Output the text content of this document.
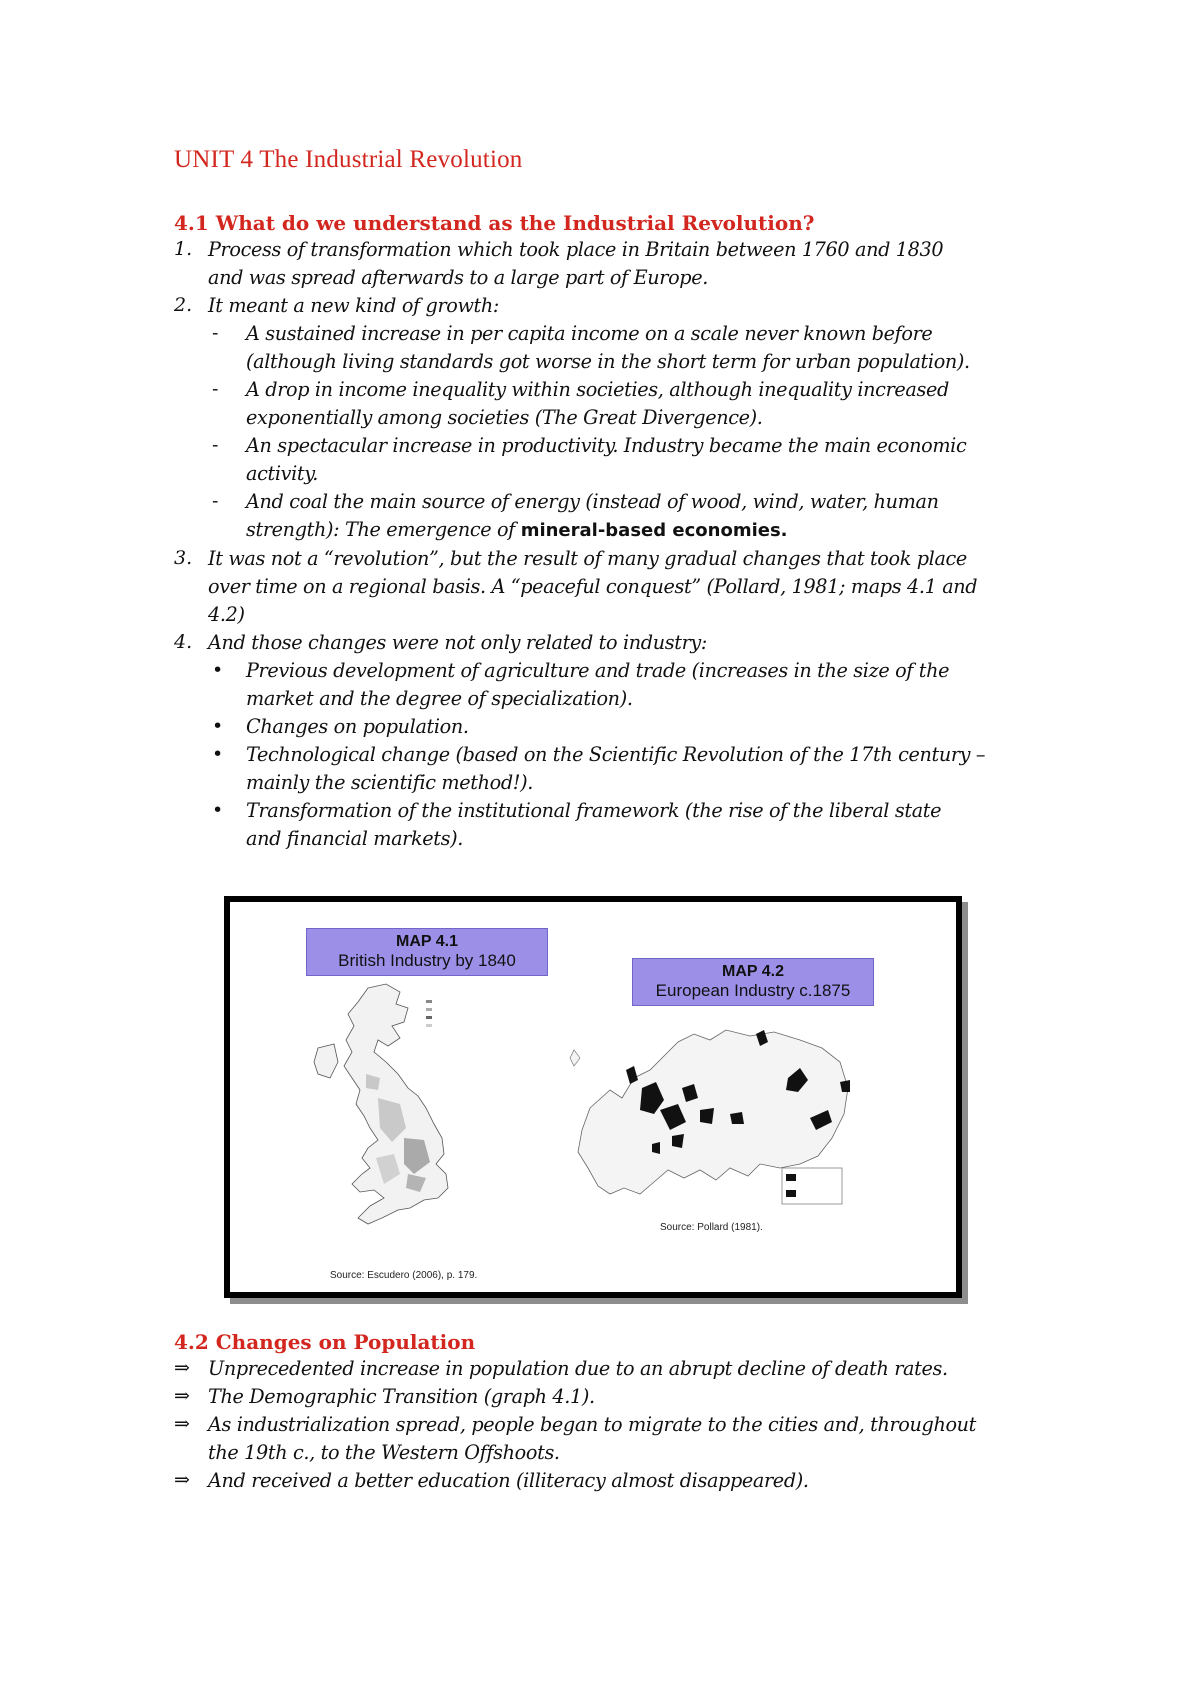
UNIT 4 The Industrial Revolution
4.1 What do we understand as the Industrial Revolution?
1. Process of transformation which took place in Britain between 1760 and 1830
and was spread afterwards to a large part of Europe.
2. It meant a new kind of growth:
- A sustained increase in per capita income on a scale never known before
(although living standards got worse in the short term for urban population).
- A drop in income inequality within societies, although inequality increased
exponentially among societies (The Great Divergence).
- An spectacular increase in productivity. Industry became the main economic
activity.
- And coal the main source of energy (instead of wood, wind, water, human
strength): The emergence of mineral-based economies.
3. It was not a “revolution”, but the result of many gradual changes that took place
over time on a regional basis. A “peaceful conquest” (Pollard, 1981; maps 4.1 and
4.2)
4. And those changes were not only related to industry:
• Previous development of agriculture and trade (increases in the size of the
market and the degree of specialization).
• Changes on population.
• Technological change (based on the Scientific Revolution of the 17th century –
mainly the scientific method!).
• Transformation of the institutional framework (the rise of the liberal state
and financial markets).
MAP 4.1
British Industry by 1840
MAP 4.2
European Industry c.1875
Source: Escudero (2006), p. 179.
Source: Pollard (1981).
4.2 Changes on Population
⇒ Unprecedented increase in population due to an abrupt decline of death rates.
⇒ The Demographic Transition (graph 4.1).
⇒ As industrialization spread, people began to migrate to the cities and, throughout
the 19th c., to the Western Offshoots.
⇒ And received a better education (illiteracy almost disappeared).
